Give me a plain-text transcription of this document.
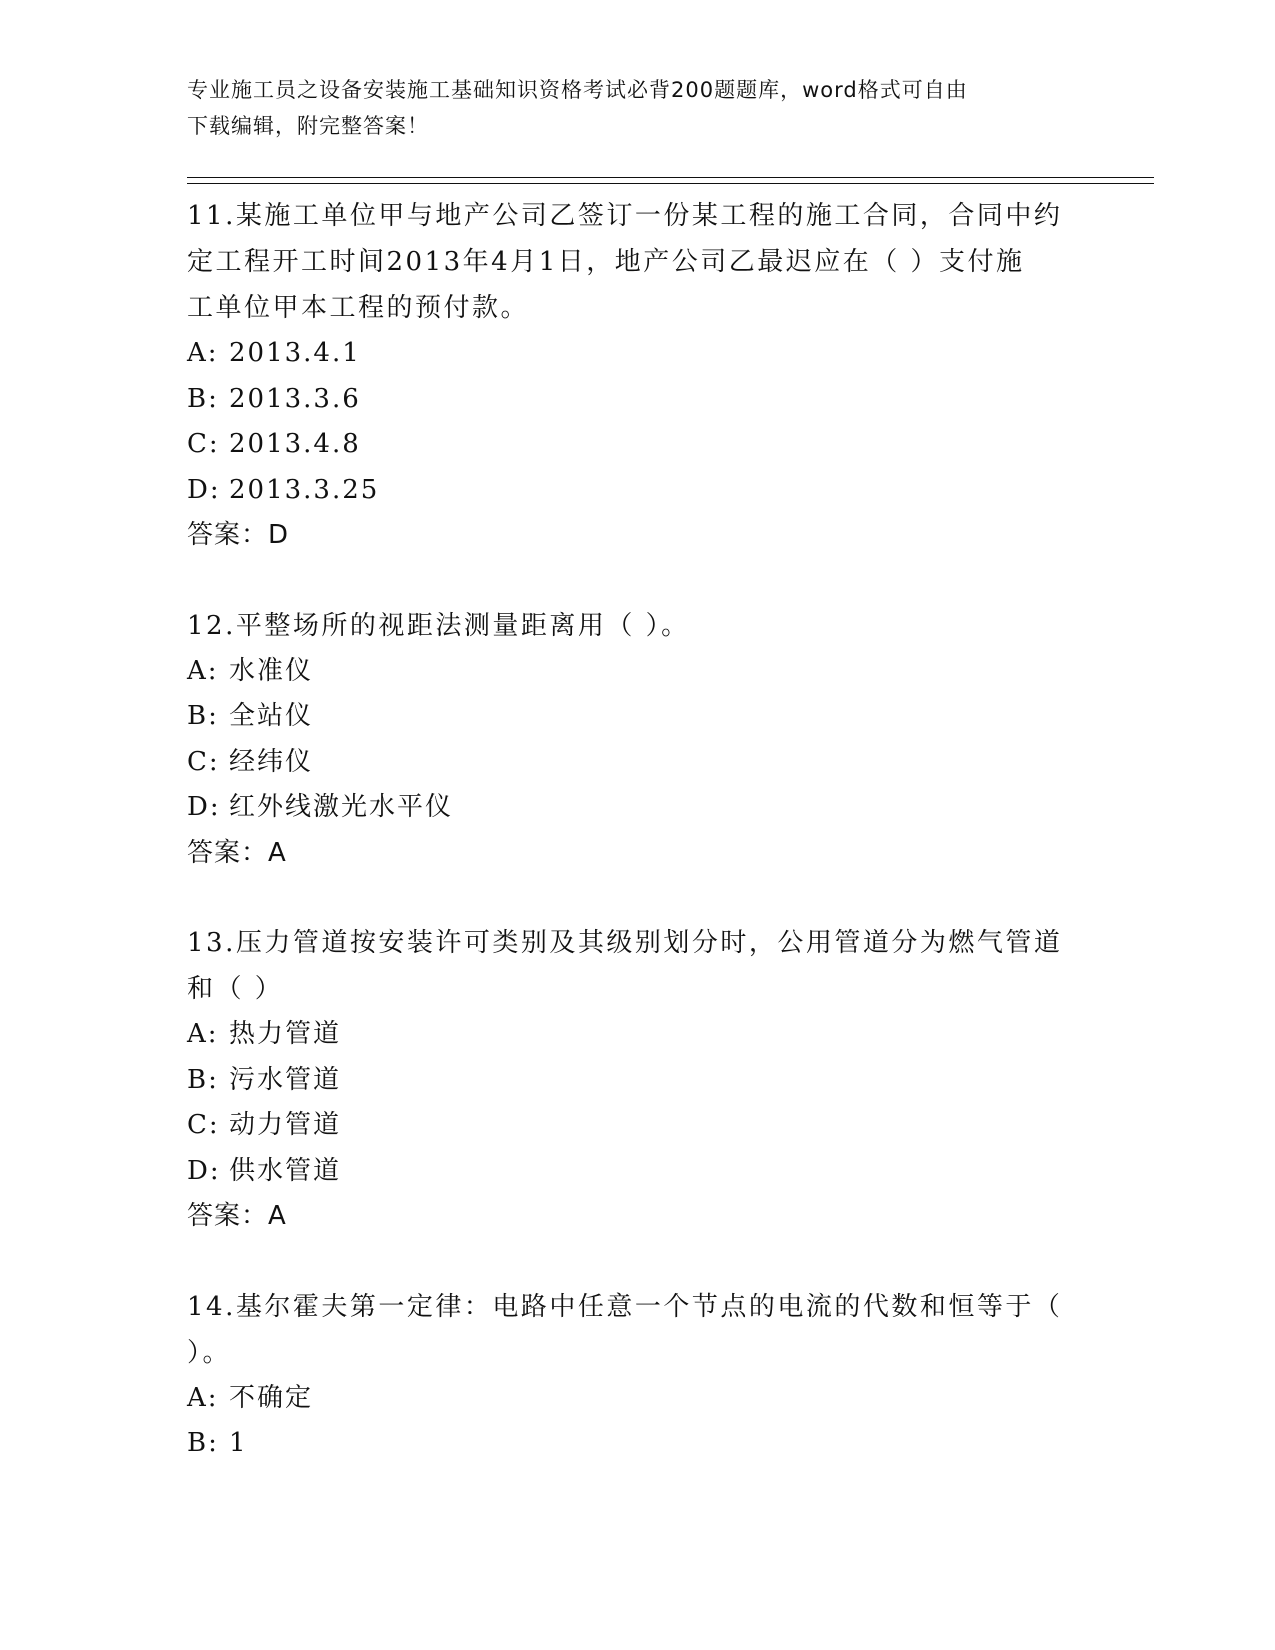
专业施工员之设备安装施工基础知识资格考试必背200题题库，word格式可自由
下载编辑，附完整答案！

11.某施工单位甲与地产公司乙签订一份某工程的施工合同，合同中约

定工程开工时间2013年4月1日，地产公司乙最迟应在（ ）支付施

工单位甲本工程的预付款。

A: 2013.4.1

B: 2013.3.6

C: 2013.4.8

D: 2013.3.25

答案：D

12.平整场所的视距法测量距离用（ ）。

A: 水准仪

B: 全站仪

C: 经纬仪

D: 红外线激光水平仪

答案：A

13.压力管道按安装许可类别及其级别划分时，公用管道分为燃气管道

和（ ）

A: 热力管道

B: 污水管道

C: 动力管道

D: 供水管道

答案：A

14.基尔霍夫第一定律：电路中任意一个节点的电流的代数和恒等于（

）。

A: 不确定

B: 1
